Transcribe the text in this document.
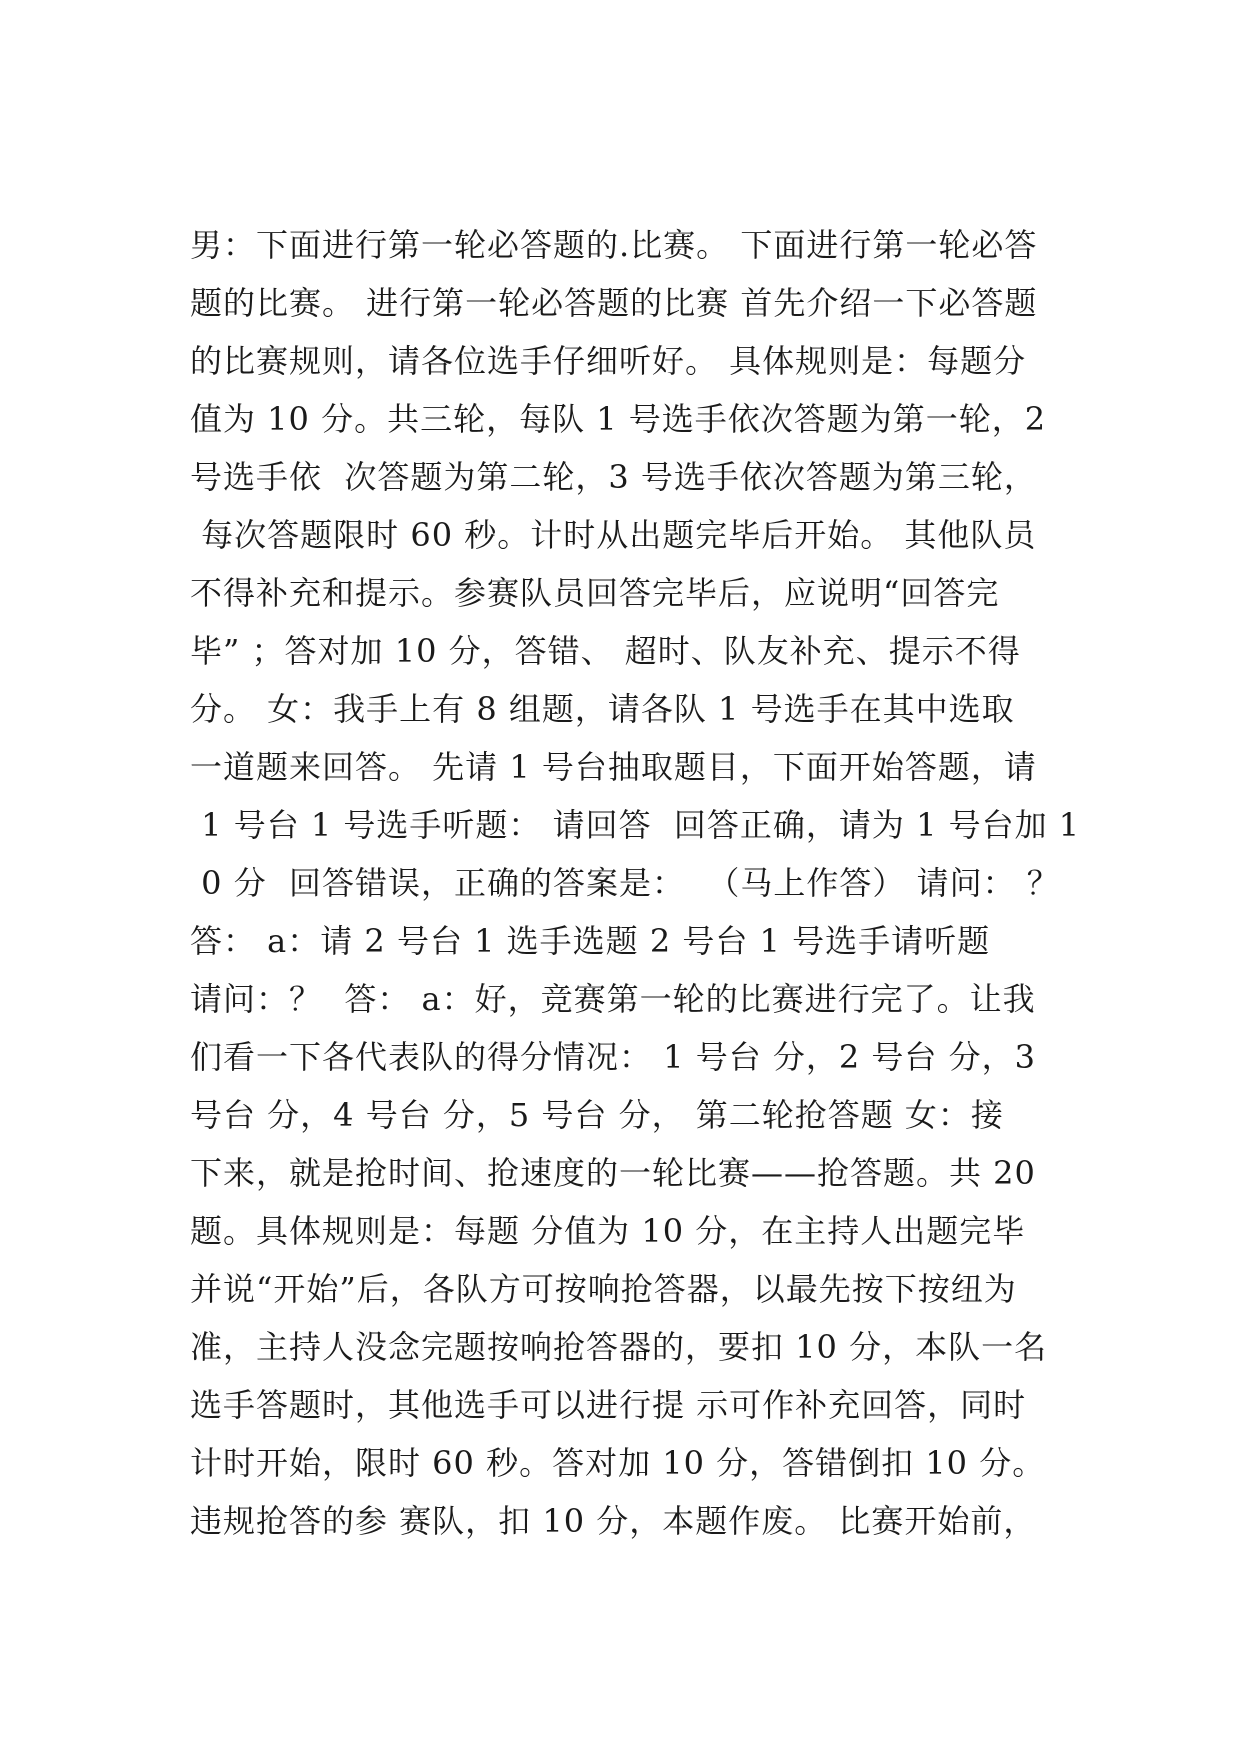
男：下面进行第一轮必答题的.比赛。 下面进行第一轮必答
题的比赛。 进行第一轮必答题的比赛 首先介绍一下必答题
的比赛规则，请各位选手仔细听好。 具体规则是：每题分
值为 10 分。共三轮，每队 1 号选手依次答题为第一轮，2
号选手依  次答题为第二轮，3 号选手依次答题为第三轮，
每次答题限时 60 秒。计时从出题完毕后开始。 其他队员
不得补充和提示。参赛队员回答完毕后，应说明“回答完
毕” ；答对加 10 分，答错、 超时、队友补充、提示不得
分。 女：我手上有 8 组题，请各队 1 号选手在其中选取
一道题来回答。 先请 1 号台抽取题目，下面开始答题，请
1 号台 1 号选手听题： 请回答  回答正确，请为 1 号台加 1
0 分  回答错误，正确的答案是：  （马上作答） 请问： ？
答： a：请 2 号台 1 选手选题 2 号台 1 号选手请听题
请问：？  答： a：好，竞赛第一轮的比赛进行完了。让我
们看一下各代表队的得分情况： 1 号台 分，2 号台 分，3
号台 分，4 号台 分，5 号台 分， 第二轮抢答题 女：接
下来，就是抢时间、抢速度的一轮比赛——抢答题。共 20
题。具体规则是：每题 分值为 10 分，在主持人出题完毕
并说“开始”后，各队方可按响抢答器，以最先按下按纽为
准，主持人没念完题按响抢答器的，要扣 10 分，本队一名
选手答题时，其他选手可以进行提 示可作补充回答，同时
计时开始，限时 60 秒。答对加 10 分，答错倒扣 10 分。
违规抢答的参 赛队，扣 10 分，本题作废。 比赛开始前，
